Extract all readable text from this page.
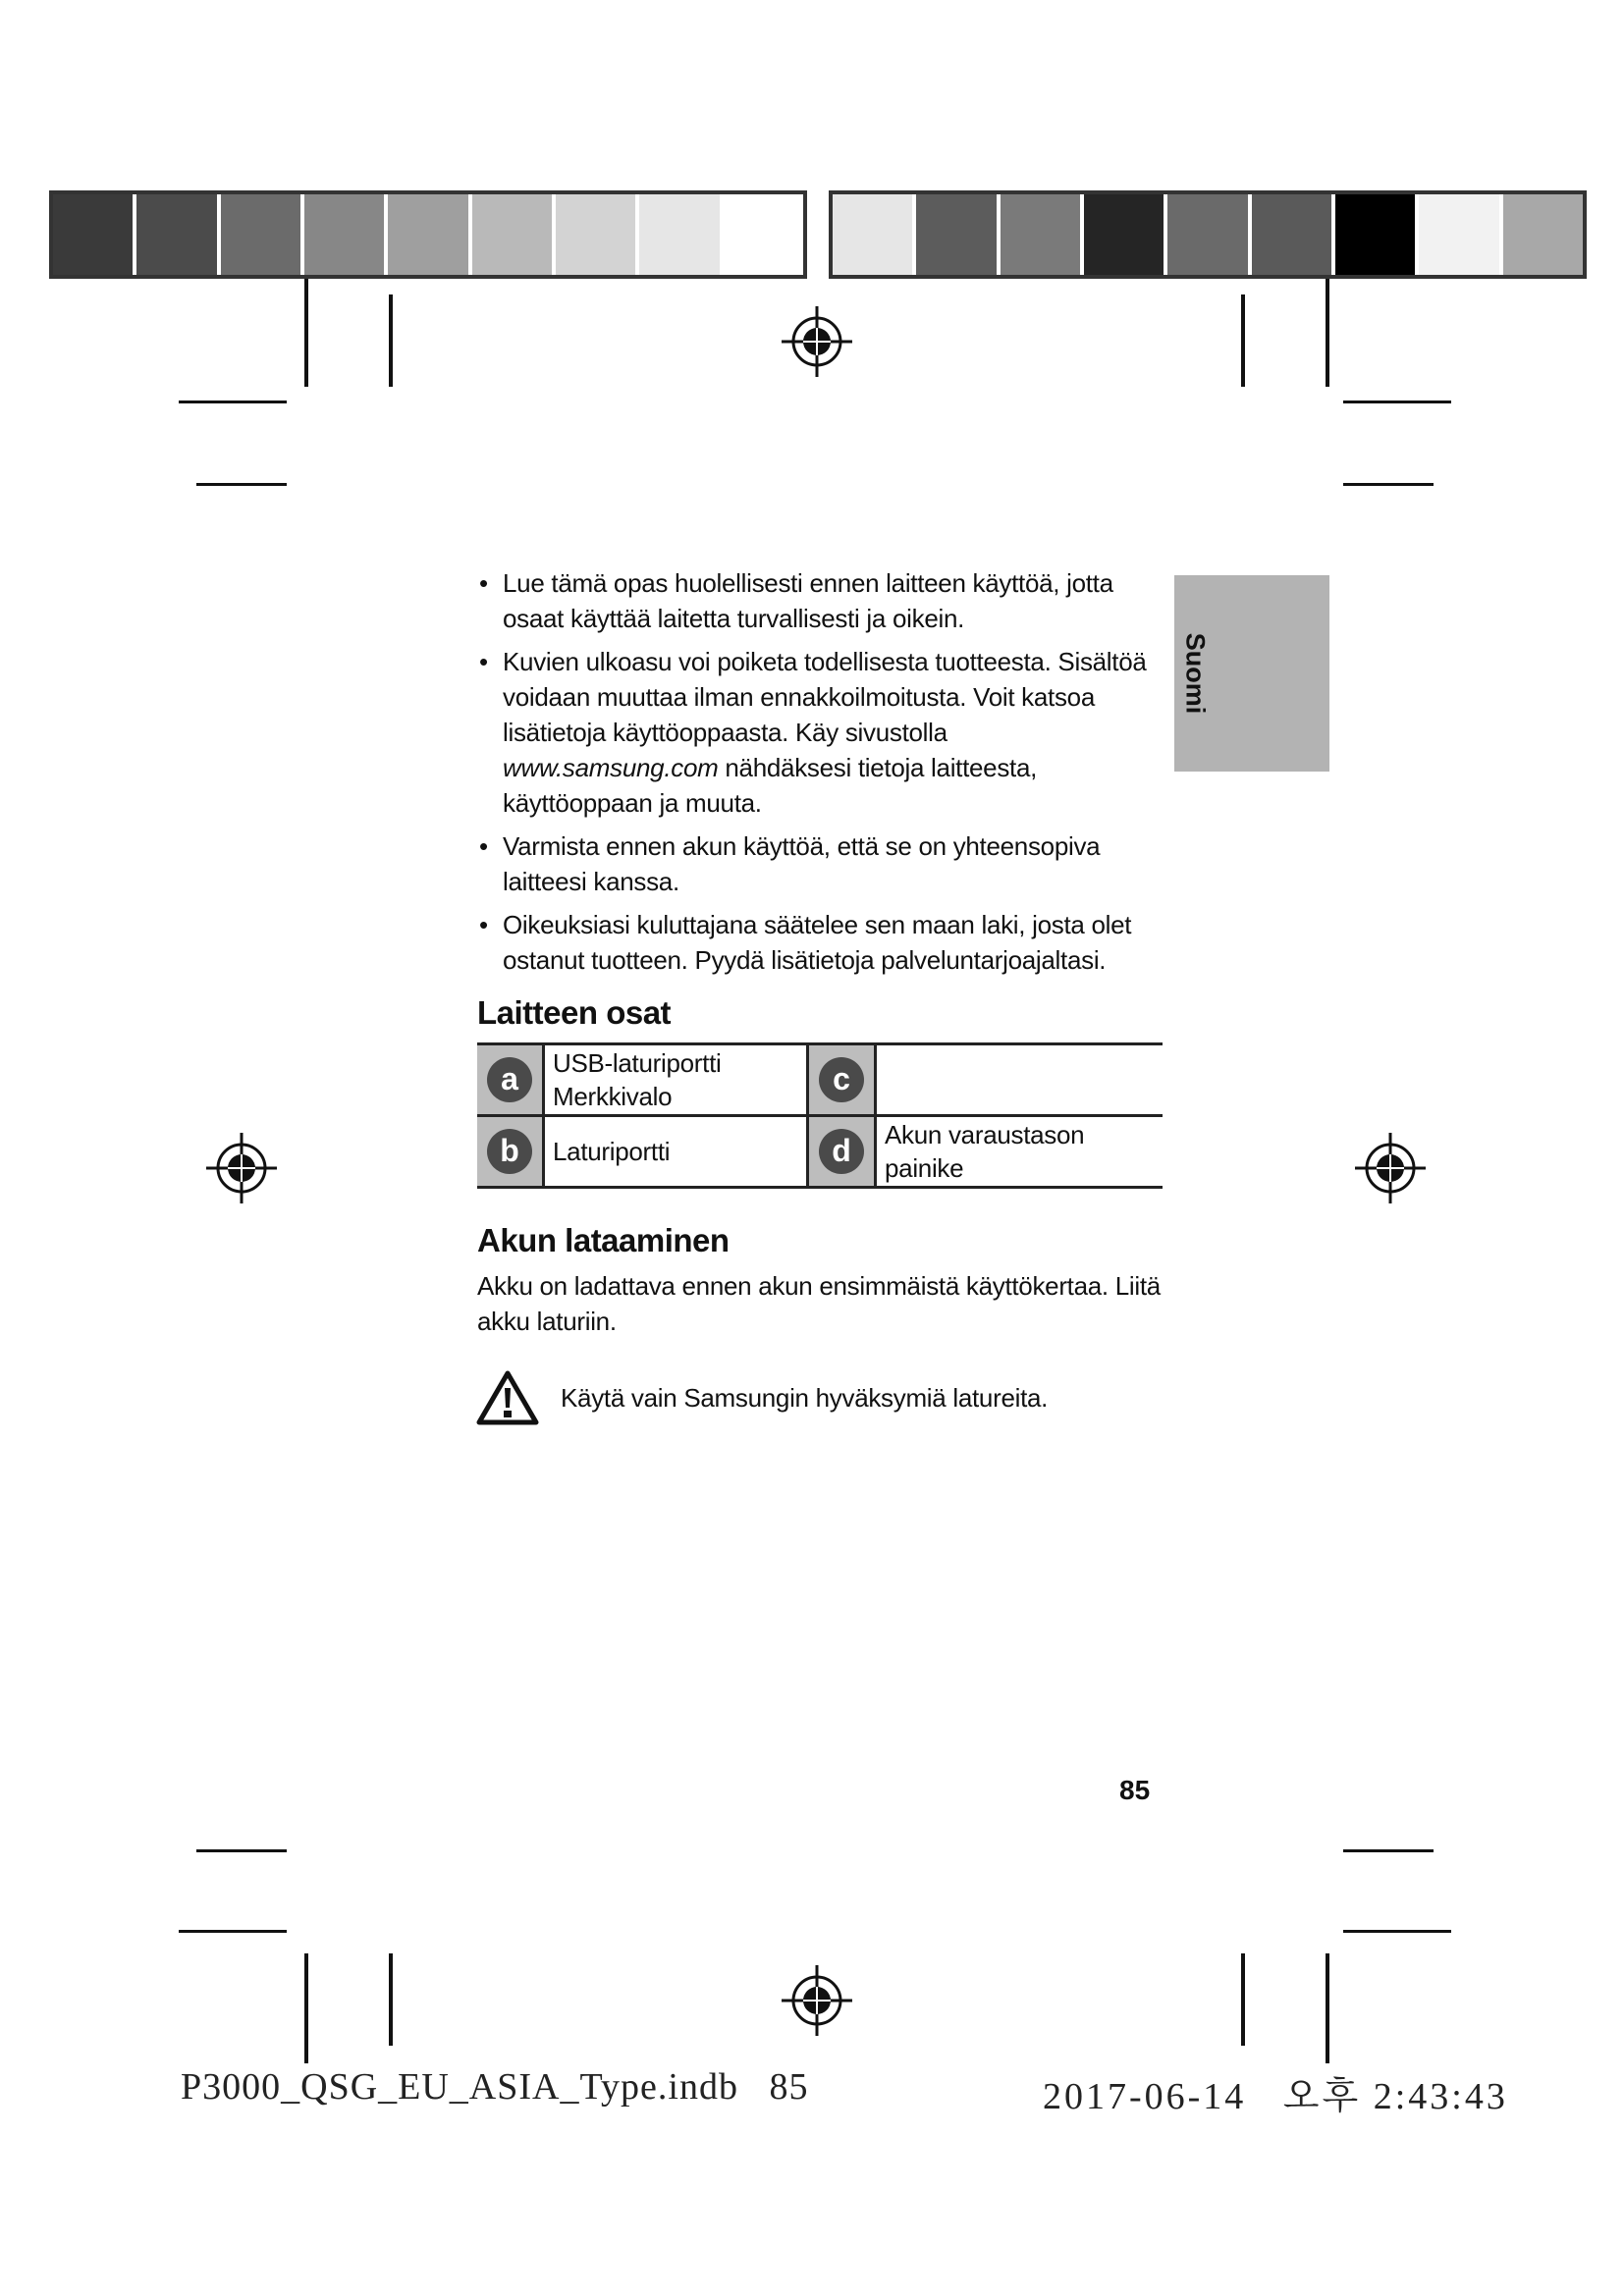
Suomi
• Lue tämä opas huolellisesti ennen laitteen käyttöä, jotta osaat käyttää laitetta turvallisesti ja oikein.
• Kuvien ulkoasu voi poiketa todellisesta tuotteesta. Sisältöä voidaan muuttaa ilman ennakkoilmoitusta. Voit katsoa lisätietoja käyttöoppaasta. Käy sivustolla www.samsung.com nähdäksesi tietoja laitteesta, käyttöoppaan ja muuta.
• Varmista ennen akun käyttöä, että se on yhteensopiva laitteesi kanssa.
• Oikeuksiasi kuluttajana säätelee sen maan laki, josta olet ostanut tuotteen. Pyydä lisätietoja palveluntarjoajaltasi.
Laitteen osat
a	USB-laturiportti Merkkivalo	c	
b	Laturiportti	d	Akun varaustason painike
Akun lataaminen
Akku on ladattava ennen akun ensimmäistä käyttökertaa. Liitä akku laturiin.
Käytä vain Samsungin hyväksymiä latureita.
85
P3000_QSG_EU_ASIA_Type.indb   85	2017-06-14   오후 2:43:43
